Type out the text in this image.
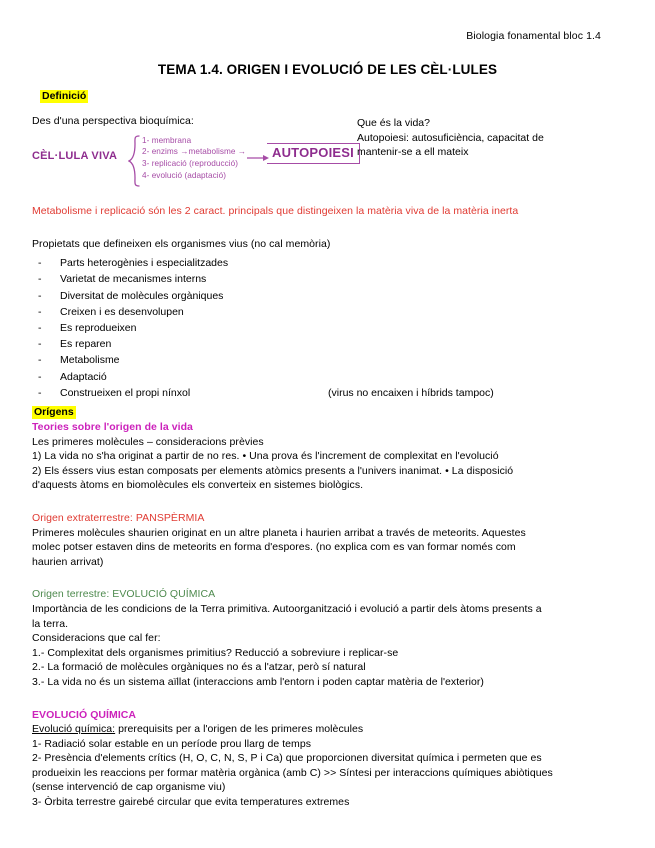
Biologia fonamental bloc 1.4
TEMA 1.4. ORIGEN I EVOLUCIÓ DE LES CÈL·LULES
Definició

Des d'una perspectiva bioquímica:

CÈL·LULA VIVA
1- membrana
2- enzims →metabolisme →
3- replicació (reproducció)
4- evolució (adaptació)
AUTOPOIESI

Que és la vida?

Autopoiesi: autosuficiència, capacitat de

mantenir-se a ell mateix

Metabolisme i replicació són les 2 caract. principals que distingeixen la matèria viva de la matèria inerta

Propietats que defineixen els organismes vius (no cal memòria)

-	Parts heterogènies i especialitzades
-	Varietat de mecanismes interns
-	Diversitat de molècules orgàniques
-	Creixen i es desenvolupen
-	Es reprodueixen
-	Es reparen
-	Metabolisme
-	Adaptació
-	Construeixen el propi nínxol	(virus no encaixen i híbrids tampoc)
Orígens

Teories sobre l'origen de la vida

Les primeres molècules – consideracions prèvies

1) La vida no s'ha originat a partir de no res. • Una prova és l'increment de complexitat en l'evolució

2) Els éssers vius estan composats per elements atòmics presents a l'univers inanimat. • La disposició

d'aquests àtoms en biomolècules els converteix en sistemes biològics.

Origen extraterrestre: PANSPÈRMIA

Primeres molècules shaurien originat en un altre planeta i haurien arribat a través de meteorits. Aquestes

molec potser estaven dins de meteorits en forma d'espores. (no explica com es van formar només com

haurien arrivat)

Origen terrestre: EVOLUCIÓ QUÍMICA

Importància de les condicions de la Terra primitiva. Autoorganització i evolució a partir dels àtoms presents a

la terra.

Consideracions que cal fer:

1.- Complexitat dels organismes primitius? Reducció a sobreviure i replicar-se

2.- La formació de molècules orgàniques no és a l'atzar, però sí natural

3.- La vida no és un sistema aïllat (interaccions amb l'entorn i poden captar matèria de l'exterior)

EVOLUCIÓ QUÍMICA

Evolució química: prerequisits per a l'origen de les primeres molècules

1- Radiació solar estable en un període prou llarg de temps

2- Presència d'elements crítics (H, O, C, N, S, P i Ca) que proporcionen diversitat química i permeten que es

produeixin les reaccions per formar matèria orgànica (amb C) >> Síntesi per interaccions químiques abiòtiques

(sense intervenció de cap organisme viu)

3- Òrbita terrestre gairebé circular que evita temperatures extremes
